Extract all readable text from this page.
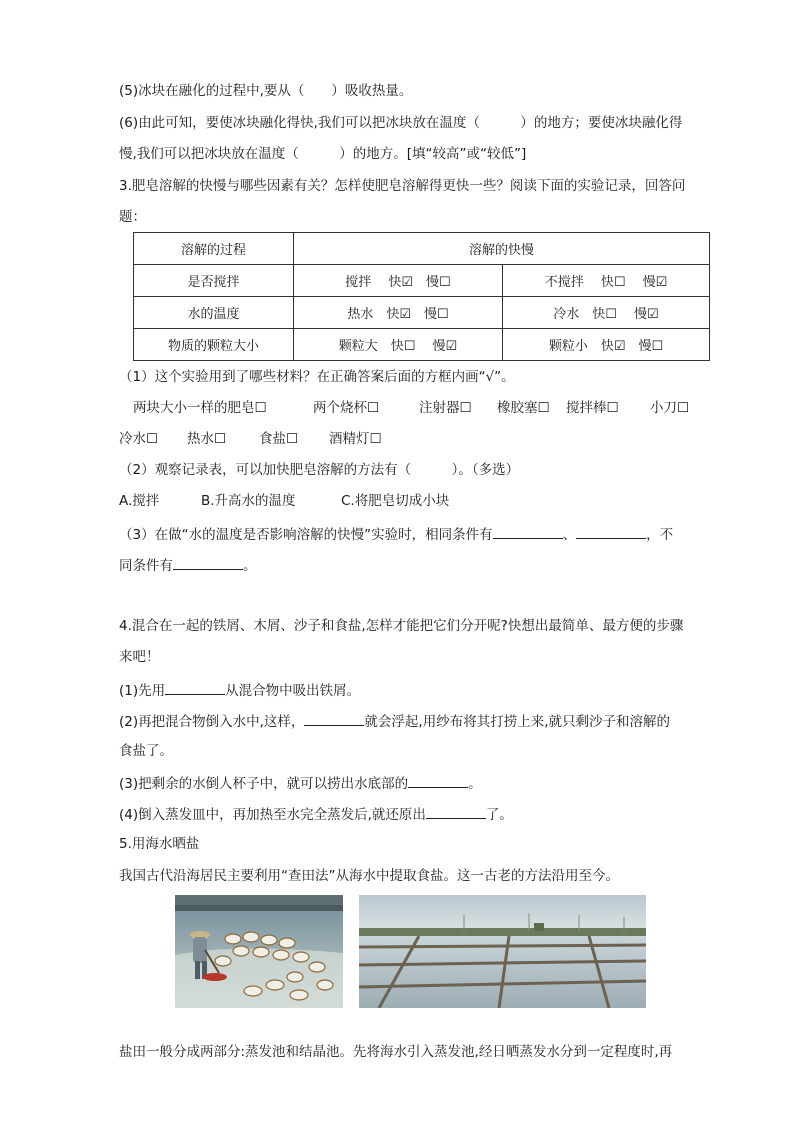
(5)冰块在融化的过程中,要从（　　）吸收热量。
(6)由此可知，要使冰块融化得快,我们可以把冰块放在温度（　　　）的地方；要使冰块融化得
慢,我们可以把冰块放在温度（　　　）的地方。[填“较高”或“较低”]
3.肥皂溶解的快慢与哪些因素有关？怎样使肥皂溶解得更快一些？阅读下面的实验记录，回答问
题：
溶解的过程	溶解的快慢	
是否搅拌	搅拌　 快☑　慢☐	不搅拌　 快☐　 慢☑
水的温度	热水　快☑　慢☐	冷水　快☐　 慢☑
物质的颗粒大小	颗粒大　快☐　 慢☑	颗粒小　快☑　慢☐
（1）这个实验用到了哪些材料？在正确答案后面的方框内画“√”。
两块大小一样的肥皂☐	两个烧杯☐	注射器☐ 橡胶塞☐ 搅拌棒☐ 小刀☐
冷水☐ 热水☐ 食盐☐ 酒精灯☐
（2）观察记录表，可以加快肥皂溶解的方法有（　　　）。（多选）
A.搅拌	B.升高水的温度	C.将肥皂切成小块
（3）在做“水的温度是否影响溶解的快慢”实验时，相同条件有	、	，不
同条件有	。
4.混合在一起的铁屑、木屑、沙子和食盐,怎样才能把它们分开呢?快想出最简单、最方便的步骤
来吧！
(1)先用	从混合物中吸出铁屑。
(2)再把混合物倒入水中,这样，	就会浮起,用纱布将其打捞上来,就只剩沙子和溶解的
食盐了。
(3)把剩余的水倒人杯子中，就可以捞出水底部的	。
(4)倒入蒸发皿中，再加热至水完全蒸发后,就还原出	了。
5.用海水晒盐
我国古代沿海居民主要利用“查田法”从海水中提取食盐。这一古老的方法沿用至今。
盐田一般分成两部分:蒸发池和结晶池。先将海水引入蒸发池,经日晒蒸发水分到一定程度时,再
